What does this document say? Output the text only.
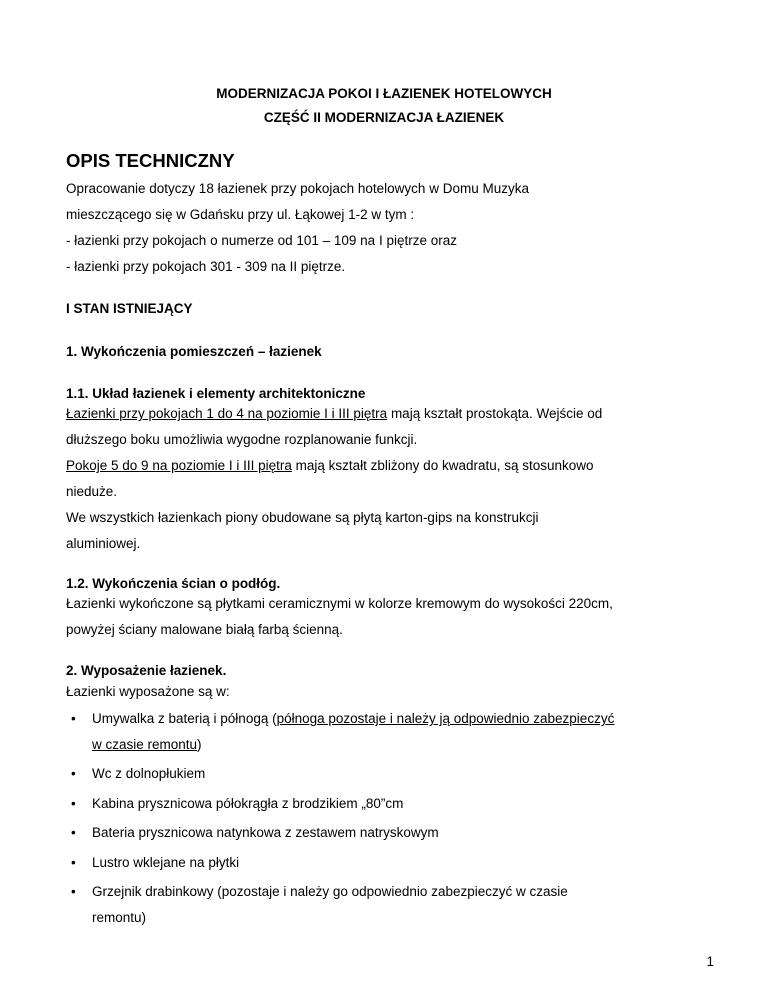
MODERNIZACJA POKOI I ŁAZIENEK HOTELOWYCH
CZĘŚĆ II MODERNIZACJA ŁAZIENEK
OPIS TECHNICZNY
Opracowanie dotyczy 18 łazienek przy pokojach hotelowych w Domu Muzyka
mieszczącego się w Gdańsku przy ul. Łąkowej 1-2 w tym :
- łazienki przy pokojach o numerze od 101 – 109 na I piętrze oraz
- łazienki przy pokojach 301 - 309 na II piętrze.
I STAN ISTNIEJĄCY
1. Wykończenia pomieszczeń – łazienek
1.1. Układ łazienek i elementy architektoniczne
Łazienki przy pokojach 1 do 4 na poziomie I i III piętra mają kształt prostokąta. Wejście od
dłuższego boku umożliwia wygodne rozplanowanie funkcji.
Pokoje 5 do 9 na poziomie I i III piętra mają kształt zbliżony do kwadratu, są stosunkowo
nieduże.
We wszystkich łazienkach piony obudowane są płytą karton-gips na konstrukcji
aluminiowej.
1.2. Wykończenia ścian o podłóg.
Łazienki wykończone są płytkami ceramicznymi w kolorze kremowym do wysokości 220cm,
powyżej ściany malowane białą farbą ścienną.
2. Wyposażenie łazienek.
Łazienki wyposażone są w:
• Umywalka z baterią i półnogą (półnoga pozostaje i należy ją odpowiednio zabezpieczyć
w czasie remontu)
• Wc z dolnopłukiem
• Kabina prysznicowa półokrągła z brodzikiem „80”cm
• Bateria prysznicowa natynkowa z zestawem natryskowym
• Lustro wklejane na płytki
• Grzejnik drabinkowy (pozostaje i należy go odpowiednio zabezpieczyć w czasie
remontu)
1
